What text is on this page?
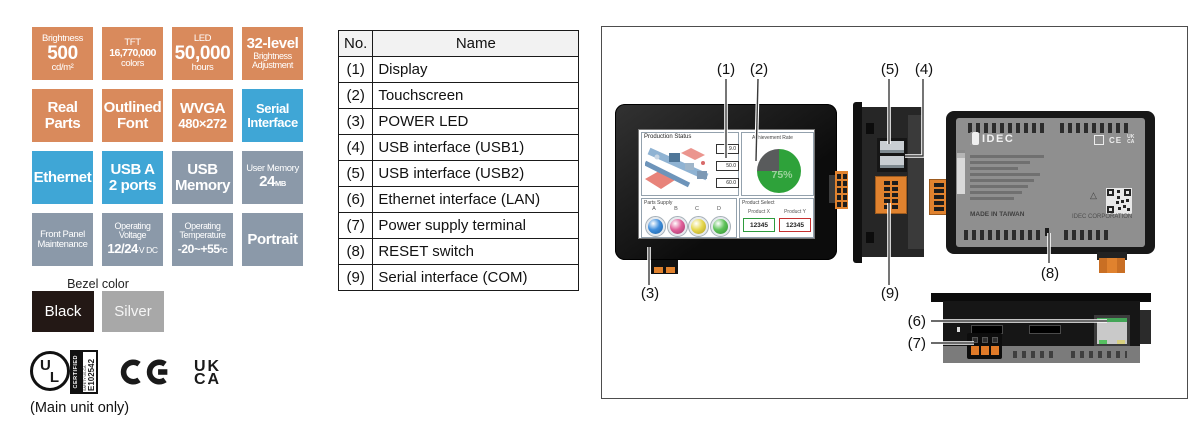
Brightness
500
cd/m²
TFT
16,770,000
colors
LED
50,000
hours
32-level
Brightness
Adjustment
Real
Parts
Outlined
Font
WVGA
480×272
Serial
Interface
Ethernet USB A
2 ports
USB
Memory
User Memory
24MB
Front Panel
Maintenance
Operating
Voltage
12/24V DC
Operating
Temperature
-20~+55°C
Portrait
Bezel color
Black	Silver
U
L CERTIFIED SAFETY US-CA E102542	UK
CA
(Main unit only)
No.	Name
(1)	Display
(2)	Touchscreen
(3)	POWER LED
(4)	USB interface (USB1)
(5)	USB interface (USB2)
(6)	Ethernet interface (LAN)
(7)	Power supply terminal
(8)	RESET switch
(9)	Serial interface (COM)
Production Status
9.0
50.0
60.0
Achievement Rate
75%
Parts Supply
A	B	C	D
Product Select
Product X	Product Y
12345	12345
IDEC	CE UK
CA
△
MADE IN TAIWAN	IDEC CORPORATION
(1) (2)	(5)	(4)
(3)	(9)
(8)
(6)
(7)
